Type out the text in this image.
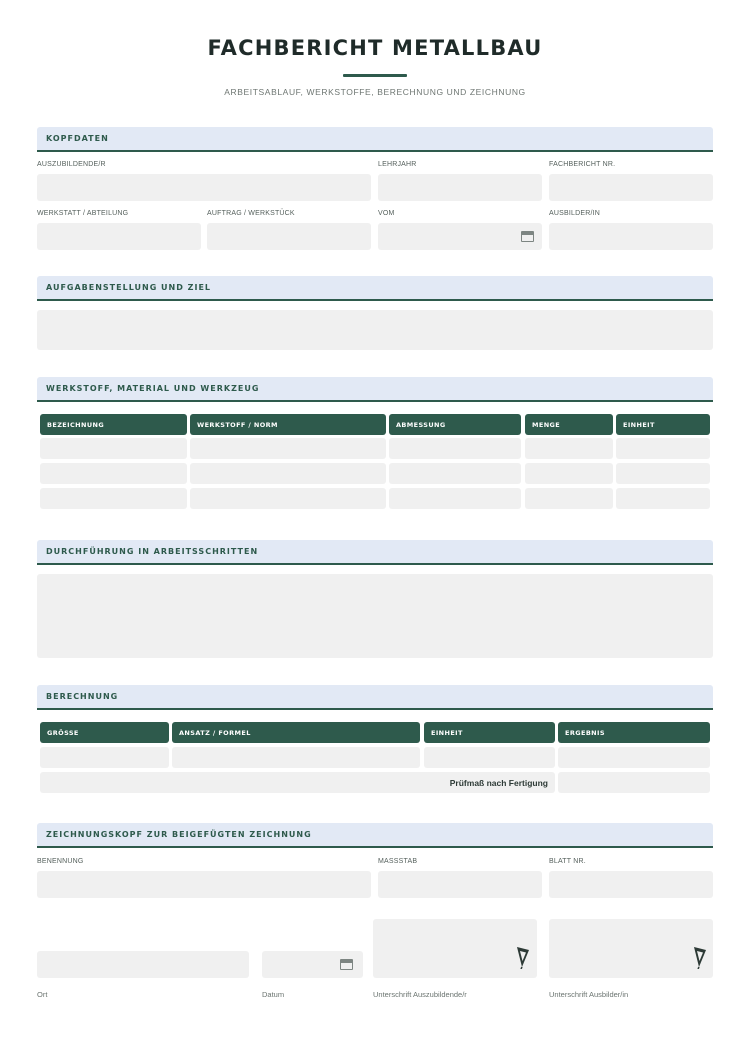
FACHBERICHT METALLBAU
ARBEITSABLAUF, WERKSTOFFE, BERECHNUNG UND ZEICHNUNG
KOPFDATEN
AUSZUBILDENDE/R	LEHRJAHR	FACHBERICHT NR.
WERKSTATT / ABTEILUNG	AUFTRAG / WERKSTÜCK	VOM	AUSBILDER/IN
AUFGABENSTELLUNG UND ZIEL
WERKSTOFF, MATERIAL UND WERKZEUG
BEZEICHNUNG	WERKSTOFF / NORM	ABMESSUNG	MENGE	EINHEIT
DURCHFÜHRUNG IN ARBEITSSCHRITTEN
BERECHNUNG
GRÖSSE	ANSATZ / FORMEL	EINHEIT	ERGEBNIS
Prüfmaß nach Fertigung
ZEICHNUNGSKOPF ZUR BEIGEFÜGTEN ZEICHNUNG
BENENNUNG	MASSSTAB	BLATT NR.
Ort	Datum	Unterschrift Auszubildende/r	Unterschrift Ausbilder/in
